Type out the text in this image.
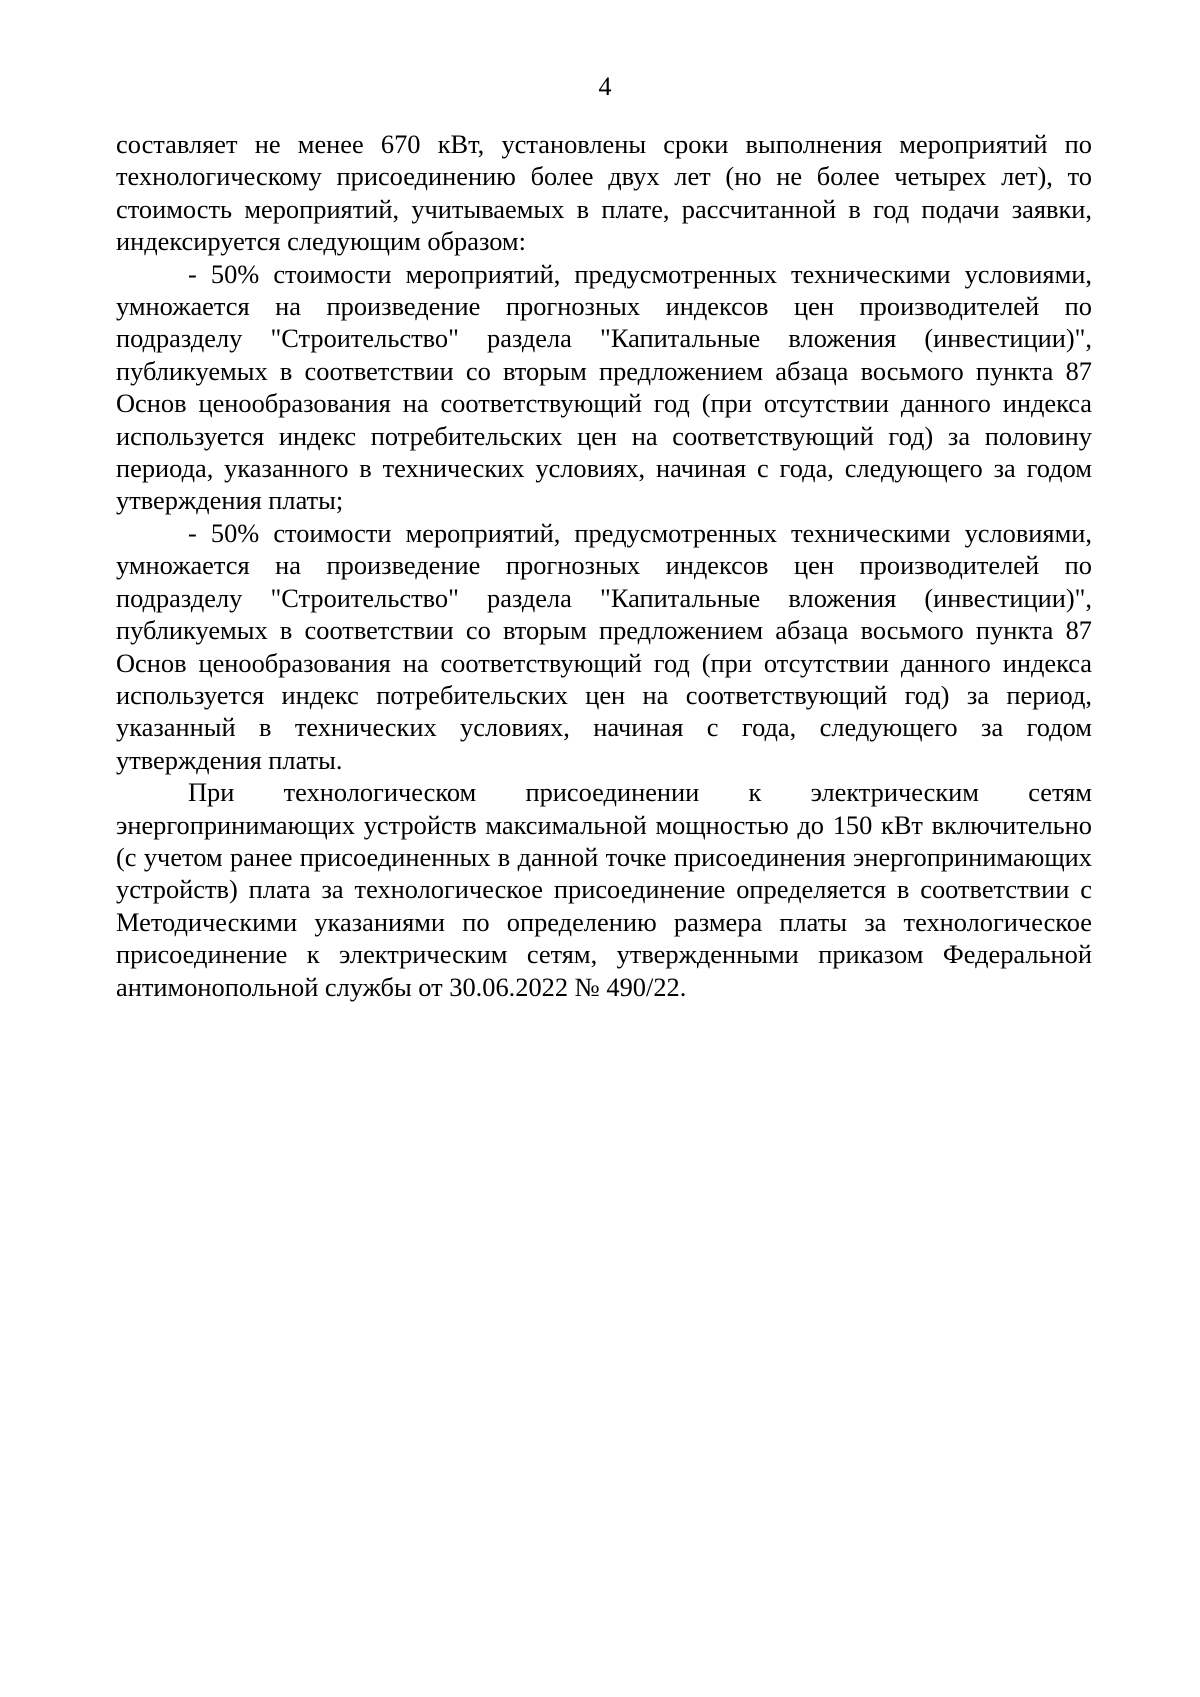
4

составляет не менее 670 кВт, установлены сроки выполнения мероприятий по технологическому присоединению более двух лет (но не более четырех лет), то стоимость мероприятий, учитываемых в плате, рассчитанной в год подачи заявки, индексируется следующим образом:

- 50% стоимости мероприятий, предусмотренных техническими условиями, умножается на произведение прогнозных индексов цен производителей по подразделу "Строительство" раздела "Капитальные вложения (инвестиции)", публикуемых в соответствии со вторым предложением абзаца восьмого пункта 87 Основ ценообразования на соответствующий год (при отсутствии данного индекса используется индекс потребительских цен на соответствующий год) за половину периода, указанного в технических условиях, начиная с года, следующего за годом утверждения платы;

- 50% стоимости мероприятий, предусмотренных техническими условиями, умножается на произведение прогнозных индексов цен производителей по подразделу "Строительство" раздела "Капитальные вложения (инвестиции)", публикуемых в соответствии со вторым предложением абзаца восьмого пункта 87 Основ ценообразования на соответствующий год (при отсутствии данного индекса используется индекс потребительских цен на соответствующий год) за период, указанный в технических условиях, начиная с года, следующего за годом утверждения платы.

При технологическом присоединении к электрическим сетям энергопринимающих устройств максимальной мощностью до 150 кВт включительно (с учетом ранее присоединенных в данной точке присоединения энергопринимающих устройств) плата за технологическое присоединение определяется в соответствии с Методическими указаниями по определению размера платы за технологическое присоединение к электрическим сетям, утвержденными приказом Федеральной антимонопольной службы от 30.06.2022 № 490/22.
